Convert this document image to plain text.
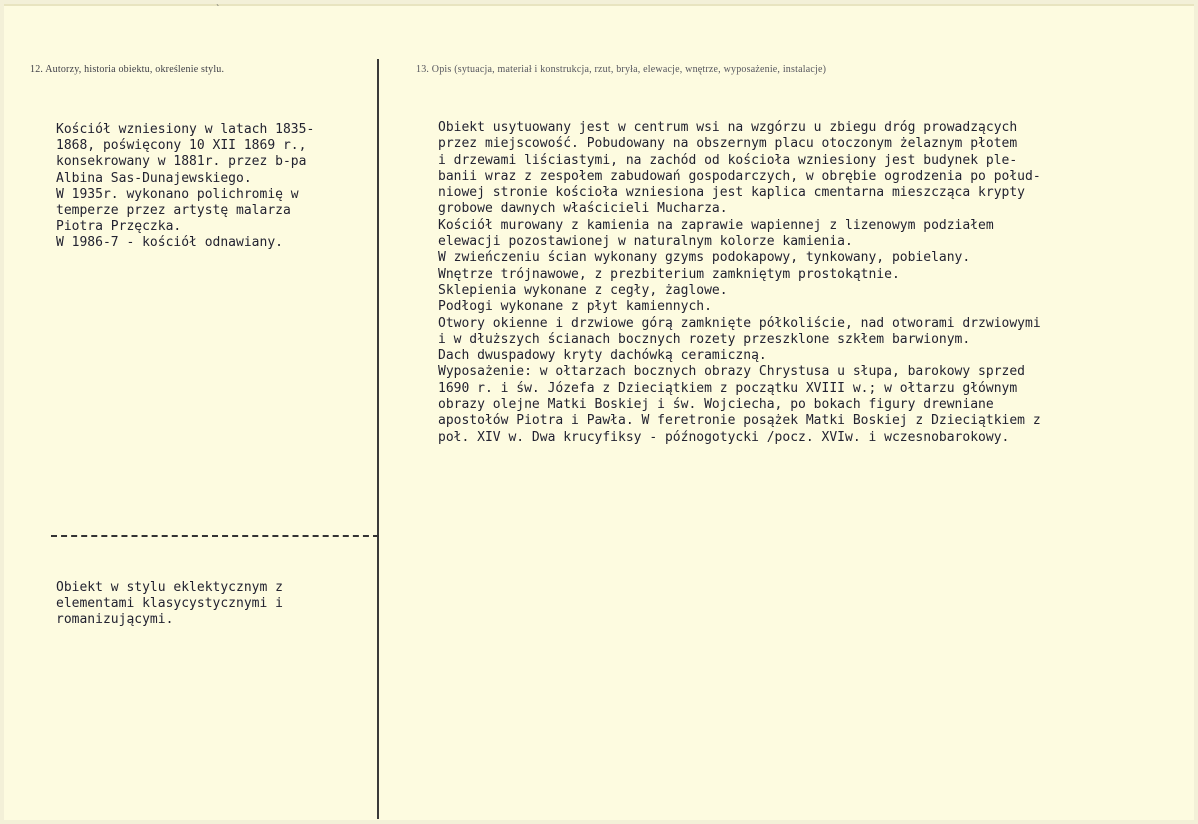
`
12. Autorzy, historia obiektu, określenie stylu.	13. Opis (sytuacja, materiał i konstrukcja, rzut, bryła, elewacje, wnętrze, wyposażenie, instalacje)
Kościół wzniesiony w latach 1835-
1868, poświęcony 10 XII 1869 r.,
konsekrowany w 1881r. przez b-pa
Albina Sas-Dunajewskiego.
W 1935r. wykonano polichromię w
temperze przez artystę malarza
Piotra Przęczka.
W 1986-7 - kościół odnawiany.
Obiekt w stylu eklektycznym z
elementami klasycystycznymi i
romanizującymi.
Obiekt usytuowany jest w centrum wsi na wzgórzu u zbiegu dróg prowadzących
przez miejscowość. Pobudowany na obszernym placu otoczonym żelaznym płotem
i drzewami liściastymi, na zachód od kościoła wzniesiony jest budynek ple-
banii wraz z zespołem zabudowań gospodarczych, w obrębie ogrodzenia po połud-
niowej stronie kościoła wzniesiona jest kaplica cmentarna mieszcząca krypty
grobowe dawnych właścicieli Mucharza.
Kościół murowany z kamienia na zaprawie wapiennej z lizenowym podziałem
elewacji pozostawionej w naturalnym kolorze kamienia.
W zwieńczeniu ścian wykonany gzyms podokapowy, tynkowany, pobielany.
Wnętrze trójnawowe, z prezbiterium zamkniętym prostokątnie.
Sklepienia wykonane z cegły, żaglowe.
Podłogi wykonane z płyt kamiennych.
Otwory okienne i drzwiowe górą zamknięte półkoliście, nad otworami drzwiowymi
i w dłuższych ścianach bocznych rozety przeszklone szkłem barwionym.
Dach dwuspadowy kryty dachówką ceramiczną.
Wyposażenie: w ołtarzach bocznych obrazy Chrystusa u słupa, barokowy sprzed
1690 r. i św. Józefa z Dzieciątkiem z początku XVIII w.; w ołtarzu głównym
obrazy olejne Matki Boskiej i św. Wojciecha, po bokach figury drewniane
apostołów Piotra i Pawła. W feretronie posążek Matki Boskiej z Dzieciątkiem z
poł. XIV w. Dwa krucyfiksy - późnogotycki /pocz. XVIw. i wczesnobarokowy.
